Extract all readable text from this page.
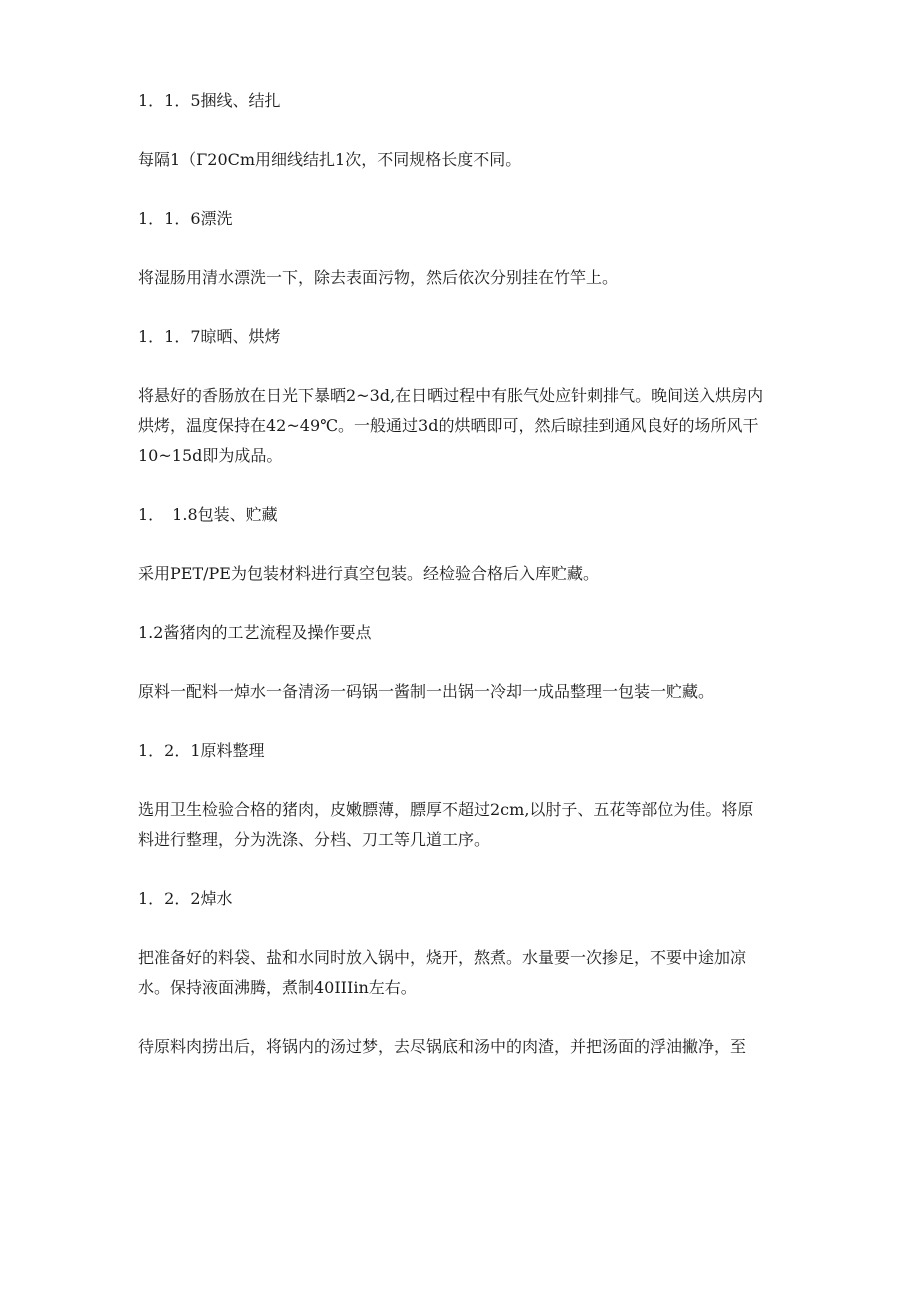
1．1．5捆线、结扎

每隔1（Γ20Cm用细线结扎1次，不同规格长度不同。

1．1．6漂洗

将湿肠用清水漂洗一下，除去表面污物，然后依次分别挂在竹竿上。

1．1．7晾晒、烘烤

将悬好的香肠放在日光下暴晒2~3d,在日晒过程中有胀气处应针刺排气。晚间送入烘房内
烘烤，温度保持在42~49℃。一般通过3d的烘晒即可，然后晾挂到通风良好的场所风干
10~15d即为成品。

1．　1.8包装、贮藏

采用PET/PE为包装材料进行真空包装。经检验合格后入库贮藏。

1.2酱猪肉的工艺流程及操作要点

原料一配料一焯水一备清汤一码锅一酱制一出锅一冷却一成品整理一包装一贮藏。

1．2．1原料整理

选用卫生检验合格的猪肉，皮嫩膘薄，膘厚不超过2cm,以肘子、五花等部位为佳。将原
料进行整理，分为洗涤、分档、刀工等几道工序。

1．2．2焯水

把准备好的料袋、盐和水同时放入锅中，烧开，熬煮。水量要一次掺足，不要中途加凉
水。保持液面沸腾，煮制40IIIin左右。

待原料肉捞出后，将锅内的汤过梦，去尽锅底和汤中的肉渣，并把汤面的浮油撇净，至
